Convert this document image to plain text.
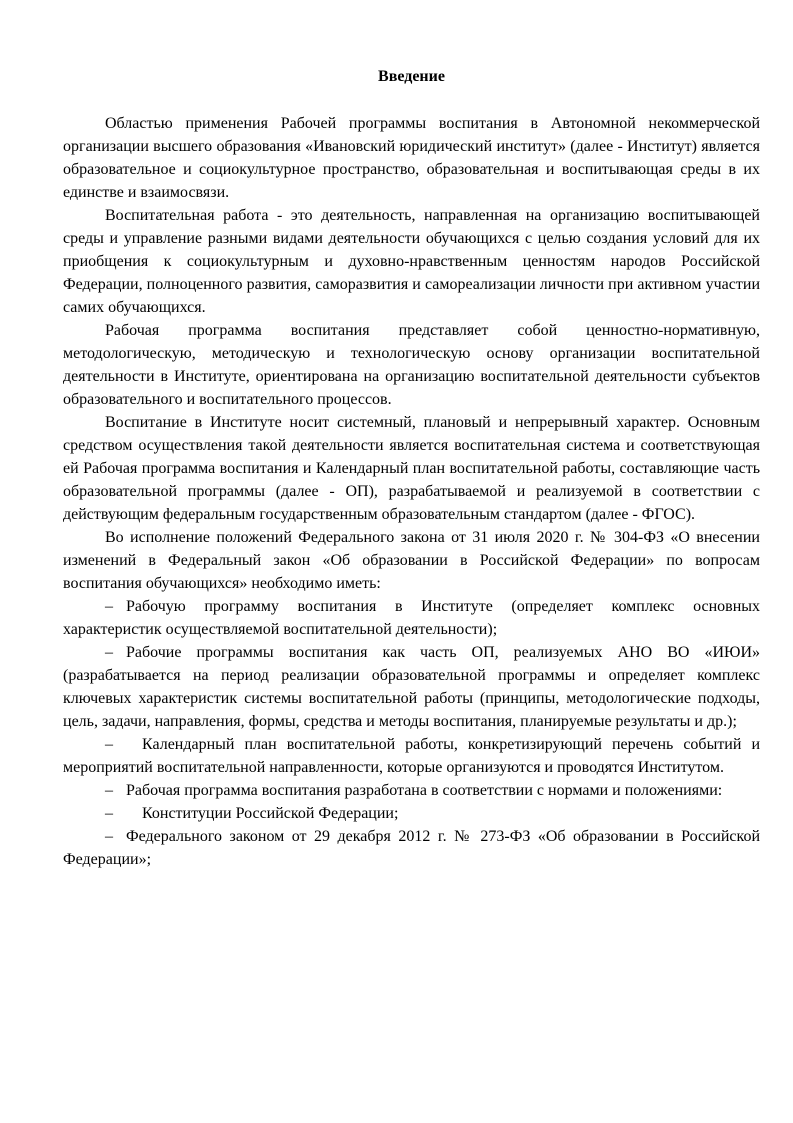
Введение

Областью применения Рабочей программы воспитания в Автономной некоммерческой организации высшего образования «Ивановский юридический институт» (далее - Институт) является образовательное и социокультурное пространство, образовательная и воспитывающая среды в их единстве и взаимосвязи.

Воспитательная работа - это деятельность, направленная на организацию воспитывающей среды и управление разными видами деятельности обучающихся с целью создания условий для их приобщения к социокультурным и духовно-нравственным ценностям народов Российской Федерации, полноценного развития, саморазвития и самореализации личности при активном участии самих обучающихся.

Рабочая программа воспитания представляет собой ценностно-нормативную, методологическую, методическую и технологическую основу организации воспитательной деятельности в Институте, ориентирована на организацию воспитательной деятельности субъектов образовательного и воспитательного процессов.

Воспитание в Институте носит системный, плановый и непрерывный характер. Основным средством осуществления такой деятельности является воспитательная система и соответствующая ей Рабочая программа воспитания и Календарный план воспитательной работы, составляющие часть образовательной программы (далее - ОП), разрабатываемой и реализуемой в соответствии с действующим федеральным государственным образовательным стандартом (далее - ФГОС).

Во исполнение положений Федерального закона от 31 июля 2020 г. № 304-ФЗ «О внесении изменений в Федеральный закон «Об образовании в Российской Федерации» по вопросам воспитания обучающихся» необходимо иметь:

– Рабочую программу воспитания в Институте (определяет комплекс основных характеристик осуществляемой воспитательной деятельности);

– Рабочие программы воспитания как часть ОП, реализуемых АНО ВО «ИЮИ» (разрабатывается на период реализации образовательной программы и определяет комплекс ключевых характеристик системы воспитательной работы (принципы, методологические подходы, цель, задачи, направления, формы, средства и методы воспитания, планируемые результаты и др.);

– Календарный план воспитательной работы, конкретизирующий перечень событий и мероприятий воспитательной направленности, которые организуются и проводятся Институтом.

– Рабочая программа воспитания разработана в соответствии с нормами и положениями:

– Конституции Российской Федерации;

– Федерального законом от 29 декабря 2012 г. № 273-ФЗ «Об образовании в Российской Федерации»;
